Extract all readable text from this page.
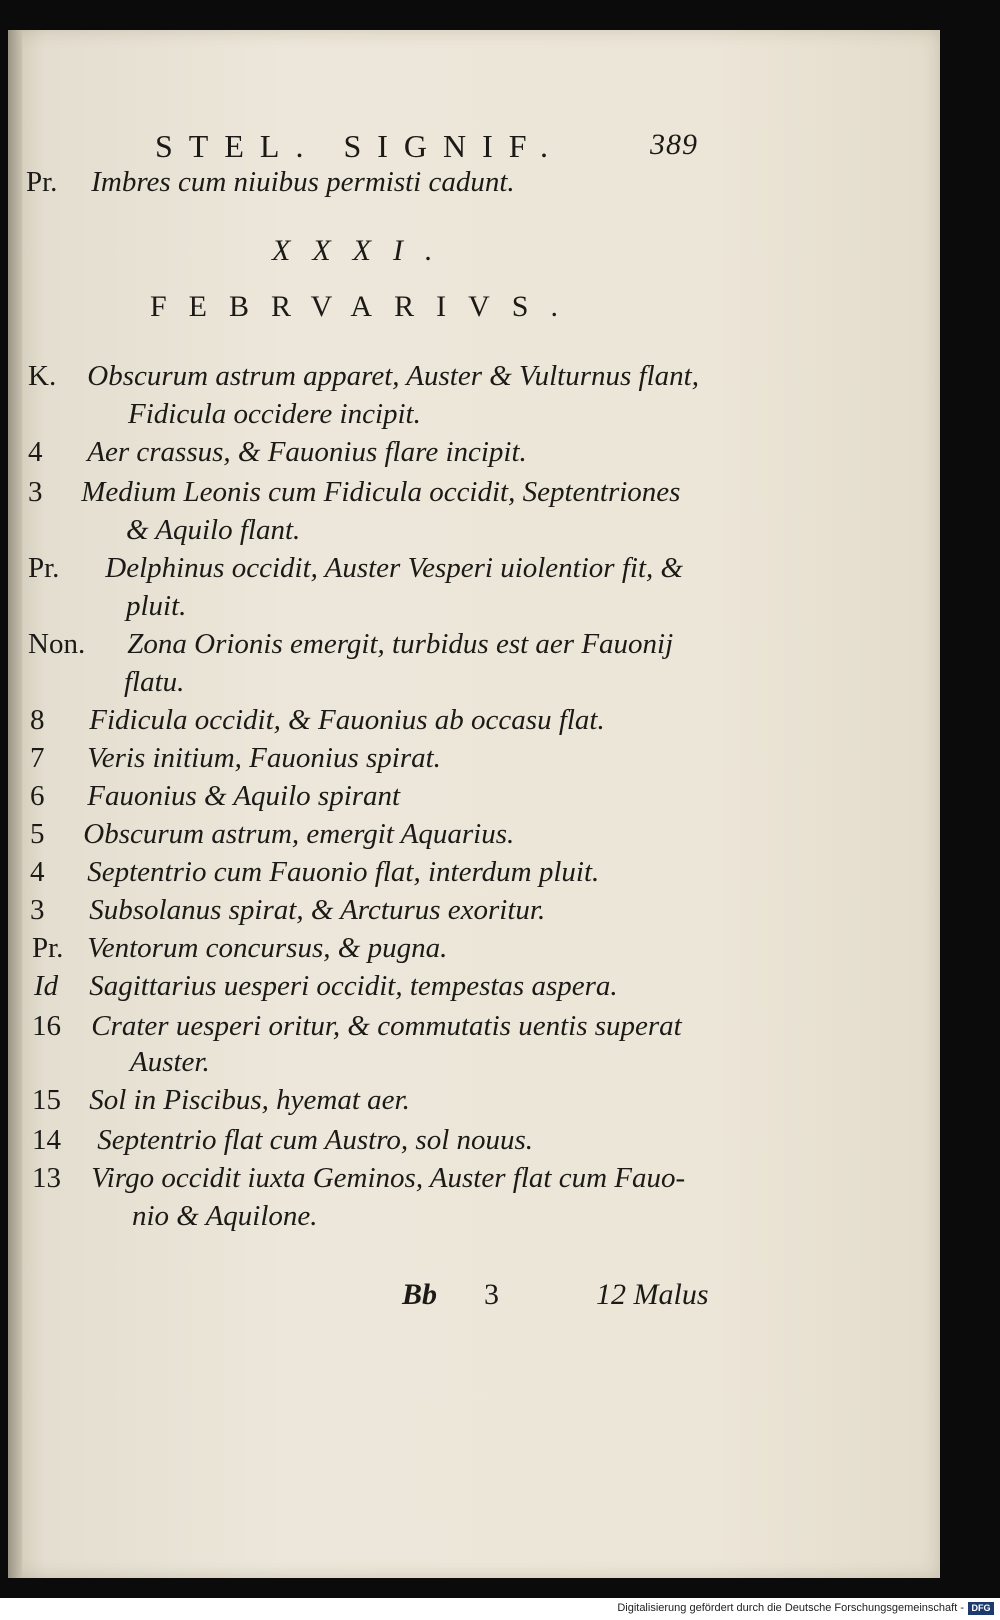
STEL. SIGNIF.	389
Pr. Imbres cum niuibus permisti cadunt.
XXXI.
FEBRVARIVS.
K. Obscurum astrum apparet, Auster & Vulturnus flant,
Fidicula occidere incipit.
4 Aer crassus, & Fauonius flare incipit.
3 Medium Leonis cum Fidicula occidit, Septentriones
& Aquilo flant.
Pr. Delphinus occidit, Auster Vesperi uiolentior fit, &
pluit.
Non. Zona Orionis emergit, turbidus est aer Fauonij
flatu.
8 Fidicula occidit, & Fauonius ab occasu flat.
7 Veris initium, Fauonius spirat.
6 Fauonius & Aquilo spirant
5 Obscurum astrum, emergit Aquarius.
4 Septentrio cum Fauonio flat, interdum pluit.
3 Subsolanus spirat, & Arcturus exoritur.
Pr. Ventorum concursus, & pugna.
Id Sagittarius uesperi occidit, tempestas aspera.
16 Crater uesperi oritur, & commutatis uentis superat
Auster.
15 Sol in Piscibus, hyemat aer.
14 Septentrio flat cum Austro, sol nouus.
13 Virgo occidit iuxta Geminos, Auster flat cum Fauo-
nio & Aquilone.
Bb 3	12 Malus
Digitalisierung gefördert durch die Deutsche Forschungsgemeinschaft - DFG
